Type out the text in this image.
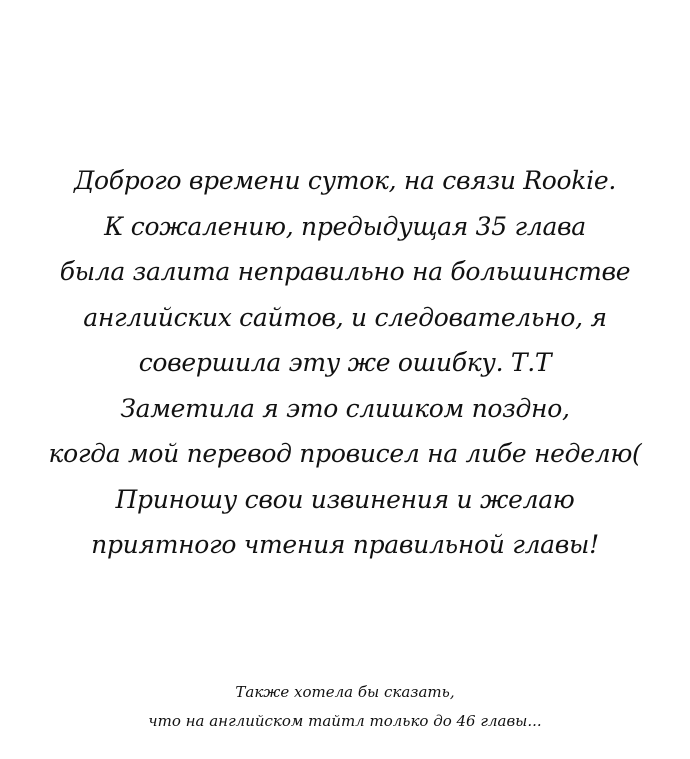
Доброго времени суток, на связи Rookie.
К сожалению, предыдущая 35 глава
была залита неправильно на большинстве
английских сайтов, и следовательно, я
совершила эту же ошибку. Т.Т
Заметила я это слишком поздно,
когда мой перевод провисел на либе неделю(
Приношу свои извинения и желаю
приятного чтения правильной главы!
Также хотела бы сказать,
что на английском тайтл только до 46 главы...
